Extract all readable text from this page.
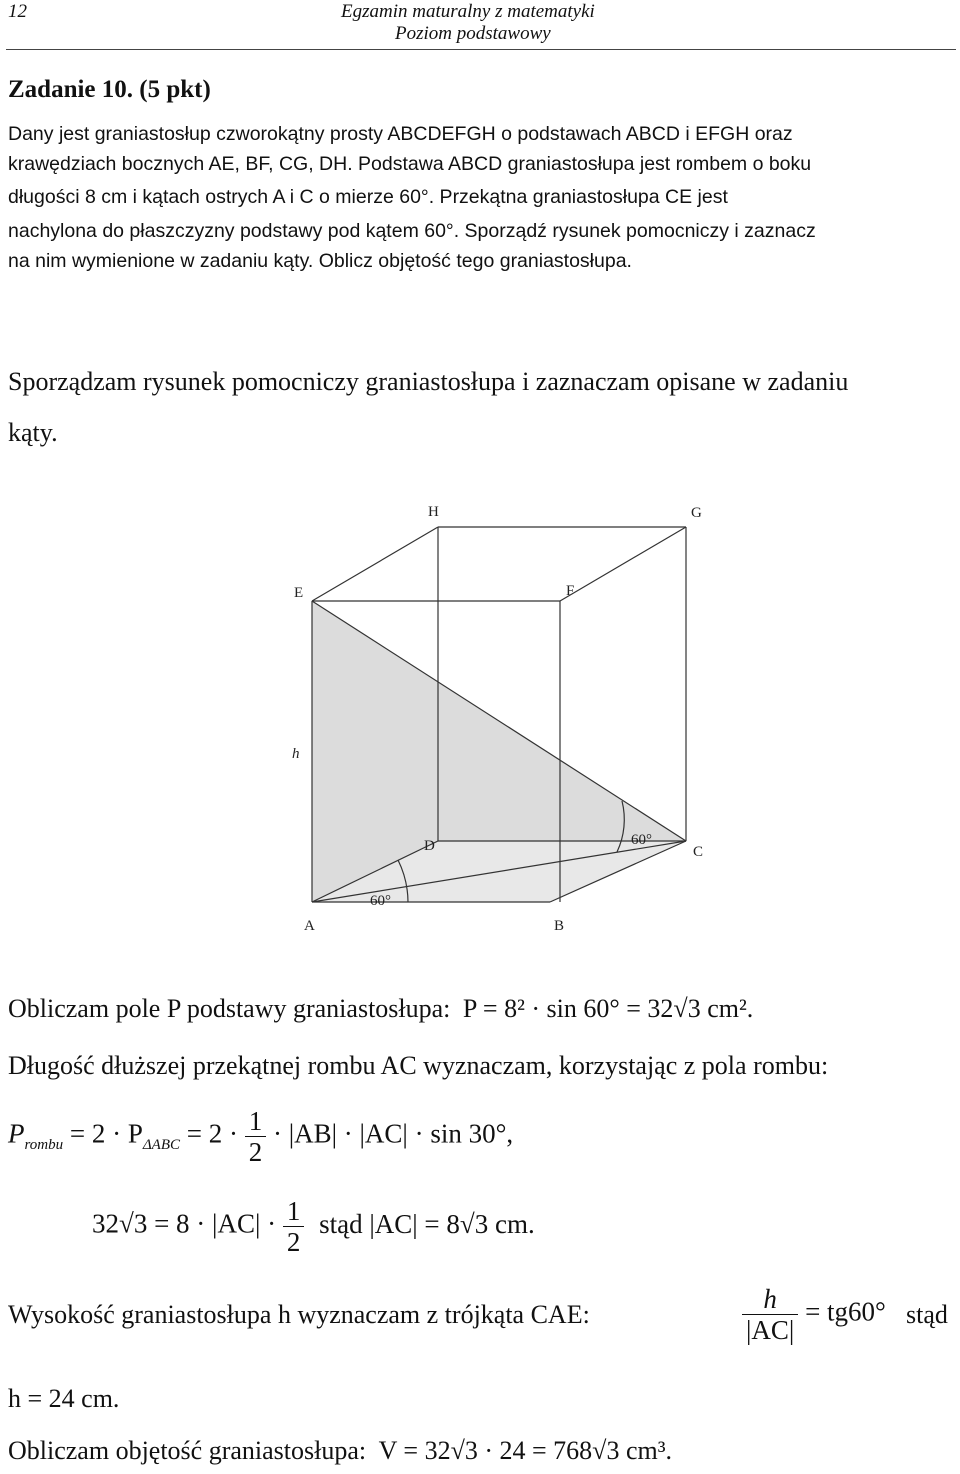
12	Egzamin maturalny z matematyki
Poziom podstawowy
Zadanie 10. (5 pkt)
Dany jest graniastosłup czworokątny prosty ABCDEFGH o podstawach ABCD i EFGH oraz
krawędziach bocznych AE, BF, CG, DH. Podstawa ABCD graniastosłupa jest rombem o boku
długości 8 cm i kątach ostrych A i C o mierze 60°. Przekątna graniastosłupa CE jest
nachylona do płaszczyzny podstawy pod kątem 60°. Sporządź rysunek pomocniczy i zaznacz
na nim wymienione w zadaniu kąty. Oblicz objętość tego graniastosłupa.
Sporządzam rysunek pomocniczy graniastosłupa i zaznaczam opisane w zadaniu
kąty.
H	G
E	F
h
D	C
A	B
60°
60°
Obliczam pole P podstawy graniastosłupa: P = 8² · sin 60° = 32√3 cm².
Długość dłuższej przekątnej rombu AC wyznaczam, korzystając z pola rombu:
$P_{rombu} = 2 \cdot P_{\Delta ABC} = 2 \cdot \frac{1}{2} \cdot |AB| \cdot |AC| \cdot \sin 30^\circ$,
$32√3 = 8 \cdot |AC| \cdot \frac{1}{2}$ stąd |AC| = 8√3 cm.
Wysokość graniastosłupa h wyznaczam z trójkąta CAE:	$\frac{h}{|AC|} = tg60^\circ$ stąd
h = 24 cm.
Obliczam objętość graniastosłupa: V = 32√3 · 24 = 768√3 cm³.
